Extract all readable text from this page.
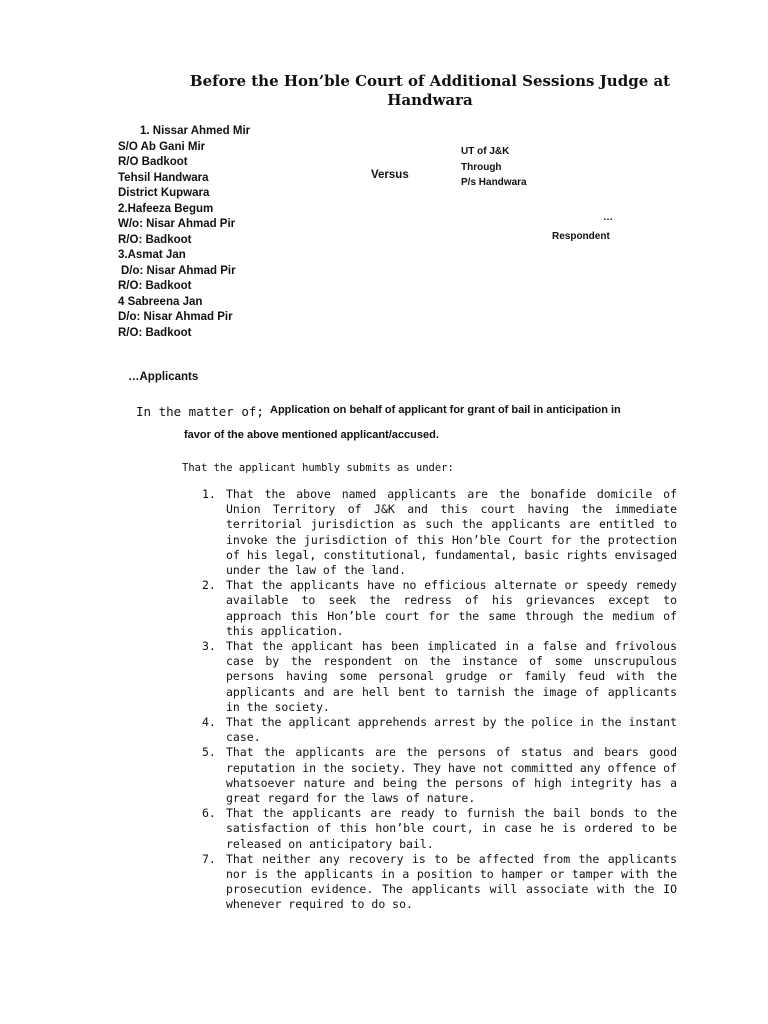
Before the Hon’ble Court of Additional Sessions Judge at
Handwara
1. Nissar Ahmed Mir
S/O Ab Gani Mir
R/O Badkoot
Tehsil Handwara
District Kupwara
2.Hafeeza Begum
W/o: Nisar Ahmad Pir
R/O: Badkoot
3.Asmat Jan
D/o: Nisar Ahmad Pir
R/O: Badkoot
4 Sabreena Jan
D/o: Nisar Ahmad Pir
R/O: Badkoot
Versus
UT of J&K
Through
P/s Handwara
…
Respondent
…Applicants
In the matter of; Application on behalf of applicant for grant of bail in anticipation in
favor of the above mentioned applicant/accused.
That the applicant humbly submits as under:
1. That the above named applicants are the bonafide domicile of Union Territory of J&K and this court having the immediate territorial jurisdiction as such the applicants are entitled to invoke the jurisdiction of this Hon’ble Court for the protection of his legal, constitutional, fundamental, basic rights envisaged under the law of the land.
2. That the applicants have no efficious alternate or speedy remedy available to seek the redress of his grievances except to approach this Hon’ble court for the same through the medium of this application.
3. That the applicant has been implicated in a false and frivolous case by the respondent on the instance of some unscrupulous persons having some personal grudge or family feud with the applicants and are hell bent to tarnish the image of applicants in the society.
4. That the applicant apprehends arrest by the police in the instant case.
5. That the applicants are the persons of status and bears good reputation in the society. They have not committed any offence of whatsoever nature and being the persons of high integrity has a great regard for the laws of nature.
6. That the applicants are ready to furnish the bail bonds to the satisfaction of this hon’ble court, in case he is ordered to be released on anticipatory bail.
7. That neither any recovery is to be affected from the applicants nor is the applicants in a position to hamper or tamper with the prosecution evidence. The applicants will associate with the IO whenever required to do so.
